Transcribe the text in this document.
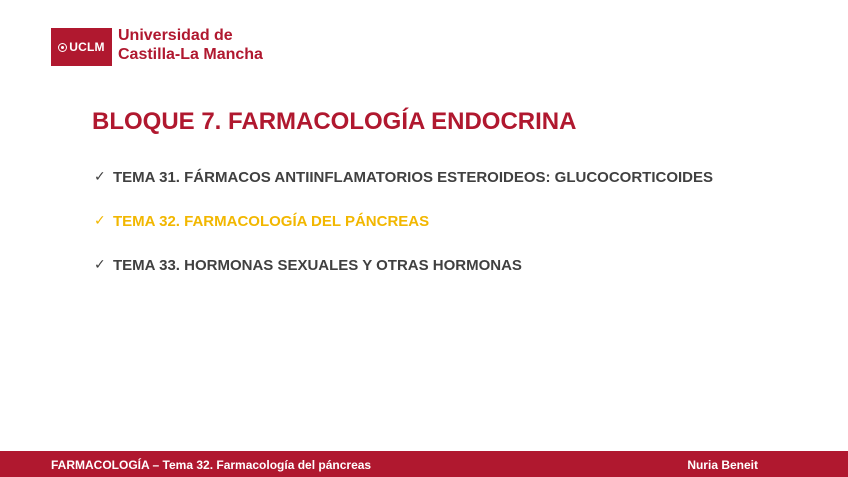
UCLM
Universidad de
Castilla-La Mancha
BLOQUE 7. FARMACOLOGÍA ENDOCRINA
✓ TEMA 31. FÁRMACOS ANTIINFLAMATORIOS ESTEROIDEOS: GLUCOCORTICOIDES
✓ TEMA 32. FARMACOLOGÍA DEL PÁNCREAS
✓ TEMA 33. HORMONAS SEXUALES Y OTRAS HORMONAS
FARMACOLOGÍA – Tema 32. Farmacología del páncreas	Nuria Beneit
